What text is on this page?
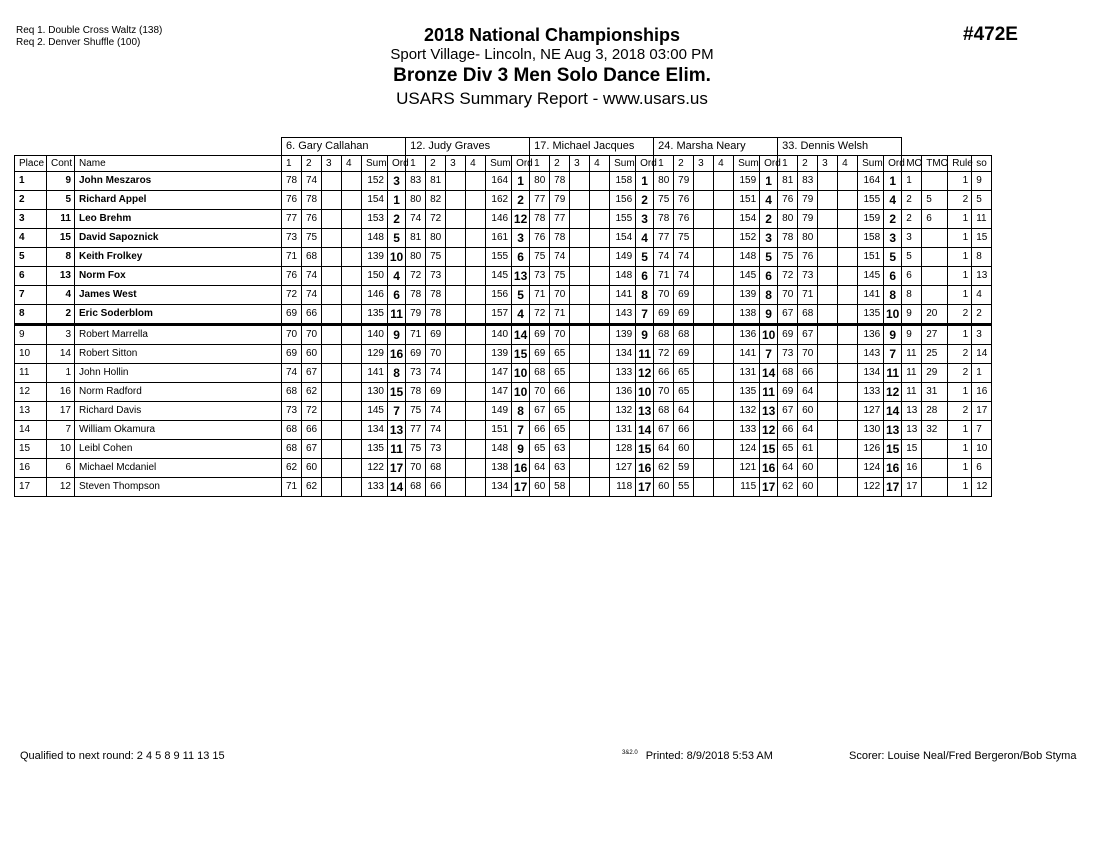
Req 1. Double Cross Waltz (138)
Req 2. Denver Shuffle (100)	2018 National Championships
Sport Village- Lincoln, NE Aug 3, 2018 03:00 PM
Bronze Div 3 Men Solo Dance Elim.
USARS Summary Report - www.usars.us
#472E
			6. Gary Callahan						12. Judy Graves						17. Michael Jacques						24. Marsha Neary						33. Dennis Welsh									
Place	Cont	Name	1	2	3	4	Sum	Ord	1	2	3	4	Sum	Ord	1	2	3	4	Sum	Ord	1	2	3	4	Sum	Ord	1	2	3	4	Sum	Ord	MO	TMO	Rule	so
1	9	John Meszaros	78	74			152	3	83	81			164	1	80	78			158	1	80	79			159	1	81	83			164	1	1		1	9
2	5	Richard Appel	76	78			154	1	80	82			162	2	77	79			156	2	75	76			151	4	76	79			155	4	2	5	2	5
3	11	Leo Brehm	77	76			153	2	74	72			146	12	78	77			155	3	78	76			154	2	80	79			159	2	2	6	1	11
4	15	David Sapoznick	73	75			148	5	81	80			161	3	76	78			154	4	77	75			152	3	78	80			158	3	3		1	15
5	8	Keith Frolkey	71	68			139	10	80	75			155	6	75	74			149	5	74	74			148	5	75	76			151	5	5		1	8
6	13	Norm Fox	76	74			150	4	72	73			145	13	73	75			148	6	71	74			145	6	72	73			145	6	6		1	13
7	4	James West	72	74			146	6	78	78			156	5	71	70			141	8	70	69			139	8	70	71			141	8	8		1	4
8	2	Eric Soderblom	69	66			135	11	79	78			157	4	72	71			143	7	69	69			138	9	67	68			135	10	9	20	2	2
9	3	Robert Marrella	70	70			140	9	71	69			140	14	69	70			139	9	68	68			136	10	69	67			136	9	9	27	1	3
10	14	Robert Sitton	69	60			129	16	69	70			139	15	69	65			134	11	72	69			141	7	73	70			143	7	11	25	2	14
11	1	John Hollin	74	67			141	8	73	74			147	10	68	65			133	12	66	65			131	14	68	66			134	11	11	29	2	1
12	16	Norm Radford	68	62			130	15	78	69			147	10	70	66			136	10	70	65			135	11	69	64			133	12	11	31	1	16
13	17	Richard Davis	73	72			145	7	75	74			149	8	67	65			132	13	68	64			132	13	67	60			127	14	13	28	2	17
14	7	William Okamura	68	66			134	13	77	74			151	7	66	65			131	14	67	66			133	12	66	64			130	13	13	32	1	7
15	10	Leibl Cohen	68	67			135	11	75	73			148	9	65	63			128	15	64	60			124	15	65	61			126	15	15		1	10
16	6	Michael Mcdaniel	62	60			122	17	70	68			138	16	64	63			127	16	62	59			121	16	64	60			124	16	16		1	6
17	12	Steven Thompson	71	62			133	14	68	66			134	17	60	58			118	17	60	55			115	17	62	60			122	17	17		1	12
Qualified to next round: 2 4 5 8 9 11 13 15	$^{3\&2.0}$ Printed: 8/9/2018 5:53 AM	Scorer: Louise Neal/Fred Bergeron/Bob Styma
